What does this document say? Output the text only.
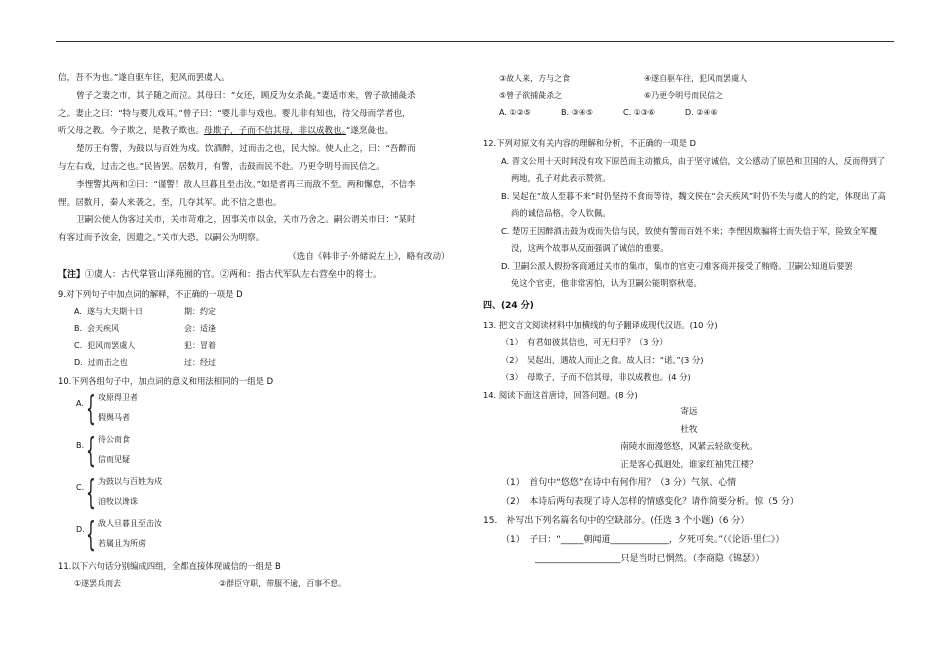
信，吾不为也。”遂自驱车往，犯风而罢虞人。

曾子之妻之市，其子随之而泣。其母曰：“女还，顾反为女杀彘。”妻适市来，曾子欲捕彘杀

之。妻止之曰：“特与婴儿戏耳。”曾子曰：“婴儿非与戏也。婴儿非有知也，待父母而学者也，

听父母之教。今子欺之，是教子欺也。母欺子，子而不信其母，非以成教也。”遂烹彘也。

楚厉王有警，为鼓以与百姓为戍。饮酒醉，过而击之也，民大惊。使人止之，曰：“吾醉而

与左右戏，过击之也。”民皆罢。居数月，有警，击鼓而民不赴。乃更令明号而民信之。

李悝警其两和②曰：“谨警！敌人旦暮且至击汝。”如是者再三而敌不至。两和懈怠，不信李

悝。居数月，秦人来袭之，至，几夺其军。此不信之患也。

卫嗣公使人伪客过关市，关市苛难之，因事关市以金，关市乃舍之。嗣公谓关市曰：“某时

有客过而予汝金，因遣之。”关市大恐，以嗣公为明察。

（选自《韩非子·外储说左上》，略有改动）

【注】①虞人：古代掌管山泽苑囿的官。②两和：指古代军队左右营垒中的将士。

9.对下列句子中加点词的解释，不正确的一项是 D

A. 遂与大夫期十日	期：约定
B. 会天疾风	会：适逢
C. 犯风而罢虞人	犯：冒着
D. 过而击之也	过：经过

10.下列各组句子中，加点词的意义和用法相同的一组是 D

A. { 攻原得卫者
假舆马者
B. { 待公而食
信而见疑
C. { 为鼓以与百姓为戍
洎牧以谗诛
D. { 敌人旦暮且至击汝
若属且为所虏

11.以下六句话分别编成四组，全都直接体现诚信的一组是 B

①遂罢兵而去	②群臣守职，带服不逾，百事不怠。
③故人来，方与之食	④遂自驱车往，犯风而罢虞人
⑤曾子欲捕彘杀之	⑥乃更令明号而民信之
A. ①②⑤	B. ③④⑤	C. ①③⑥	D. ②④⑥

12.下列对原文有关内容的理解和分析，不正确的一项是 D

A. 晋文公用十天时间没有攻下原邑而主动撤兵，由于坚守诚信，文公感动了原邑和卫国的人，反而得到了

两地，孔子对此表示赞赏。

B. 吴起在“故人至暮不来”时仍坚持不食而等待，魏文侯在“会天疾风”时仍不失与虞人的约定，体现出了高

尚的诚信品格，令人钦佩。

C. 楚厉王因醉酒击鼓为戏而失信与民，致使有警而百姓不来；李悝因欺骗将士而失信于军，险致全军覆

没，这两个故事从反面强调了诚信的重要。

D. 卫嗣公派人假扮客商通过关市的集市，集市的官吏刁难客商并接受了贿赂。卫嗣公知道后要罢

免这个官吏，他非常害怕，认为卫嗣公能明察秋毫。

四、(24 分)

13. 把文言文阅读材料中加横线的句子翻译成现代汉语。(10 分)

（1）　有君如彼其信也，可无归乎？（3 分）

（2）　吴起出，遇故人而止之食。故人曰：“诺。”(3 分)

（3）　母欺子，子而不信其母，非以成教也。(4 分)

14. 阅读下面这首唐诗，回答问题。(8 分)

寄远

杜牧

南陵水面漫悠悠，风紧云轻欲变秋。

正是客心孤迥处，谁家红袖凭江楼？

（1）　首句中“悠悠”在诗中有何作用？（3 分）气氛、心情

（2）　本诗后两句表现了诗人怎样的情感变化？请作简要分析。惊（5 分）

15.　补写出下列名篇名句中的空缺部分。(任选 3 个小题)（6 分）

（1）　子曰：“_____朝闻道_____________，夕死可矣。”（《论语·里仁》）

___________________只是当时已惘然。（李商隐《锦瑟》）
